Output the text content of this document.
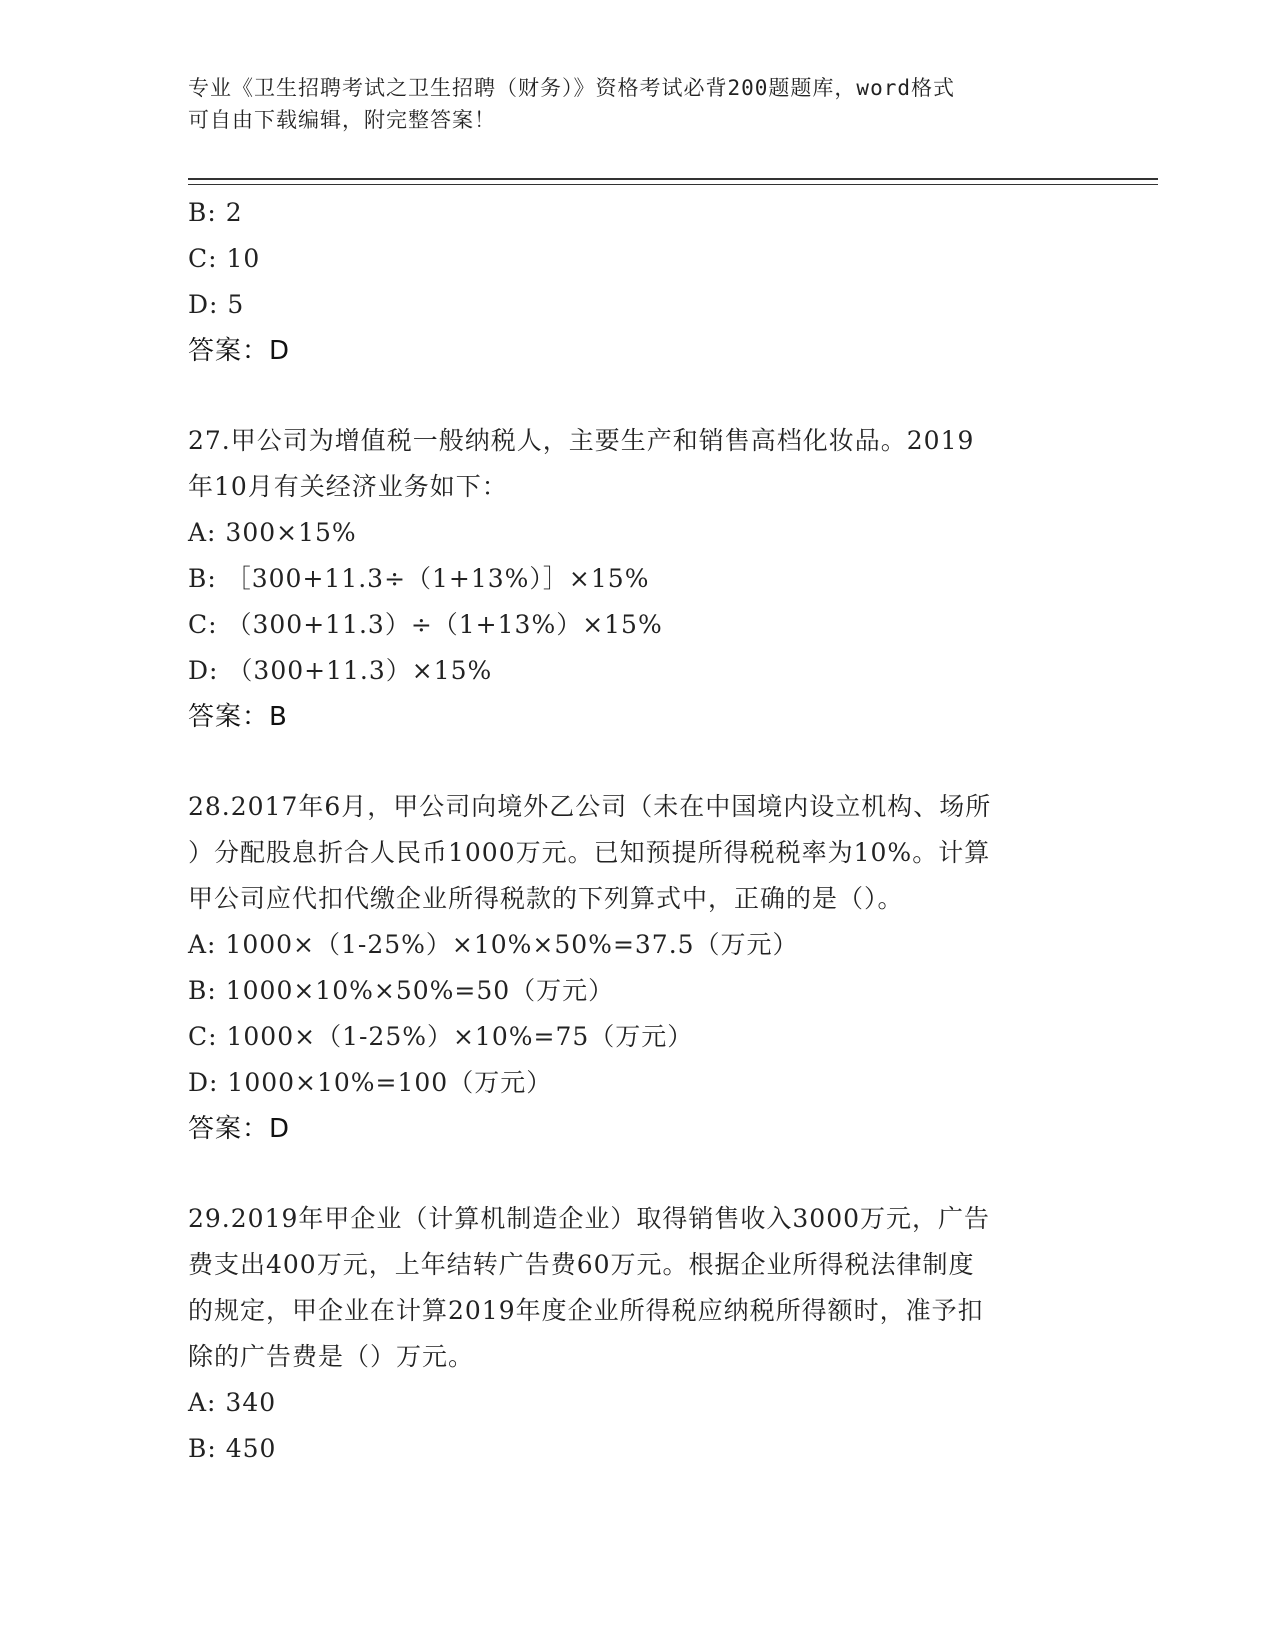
专业《卫生招聘考试之卫生招聘（财务）》资格考试必背200题题库，word格式
可自由下载编辑，附完整答案！
B: 2
C: 10
D: 5
答案：D
27.甲公司为增值税一般纳税人，主要生产和销售高档化妆品。2019
年10月有关经济业务如下：
A: 300×15%
B: ［300+11.3÷（1+13%）］×15%
C: （300+11.3）÷（1+13%）×15%
D: （300+11.3）×15%
答案：B
28.2017年6月，甲公司向境外乙公司（未在中国境内设立机构、场所
）分配股息折合人民币1000万元。已知预提所得税税率为10%。计算
甲公司应代扣代缴企业所得税款的下列算式中，正确的是（）。
A: 1000×（1-25%）×10%×50%=37.5（万元）
B: 1000×10%×50%=50（万元）
C: 1000×（1-25%）×10%=75（万元）
D: 1000×10%=100（万元）
答案：D
29.2019年甲企业（计算机制造企业）取得销售收入3000万元，广告
费支出400万元，上年结转广告费60万元。根据企业所得税法律制度
的规定，甲企业在计算2019年度企业所得税应纳税所得额时，准予扣
除的广告费是（）万元。
A: 340
B: 450
